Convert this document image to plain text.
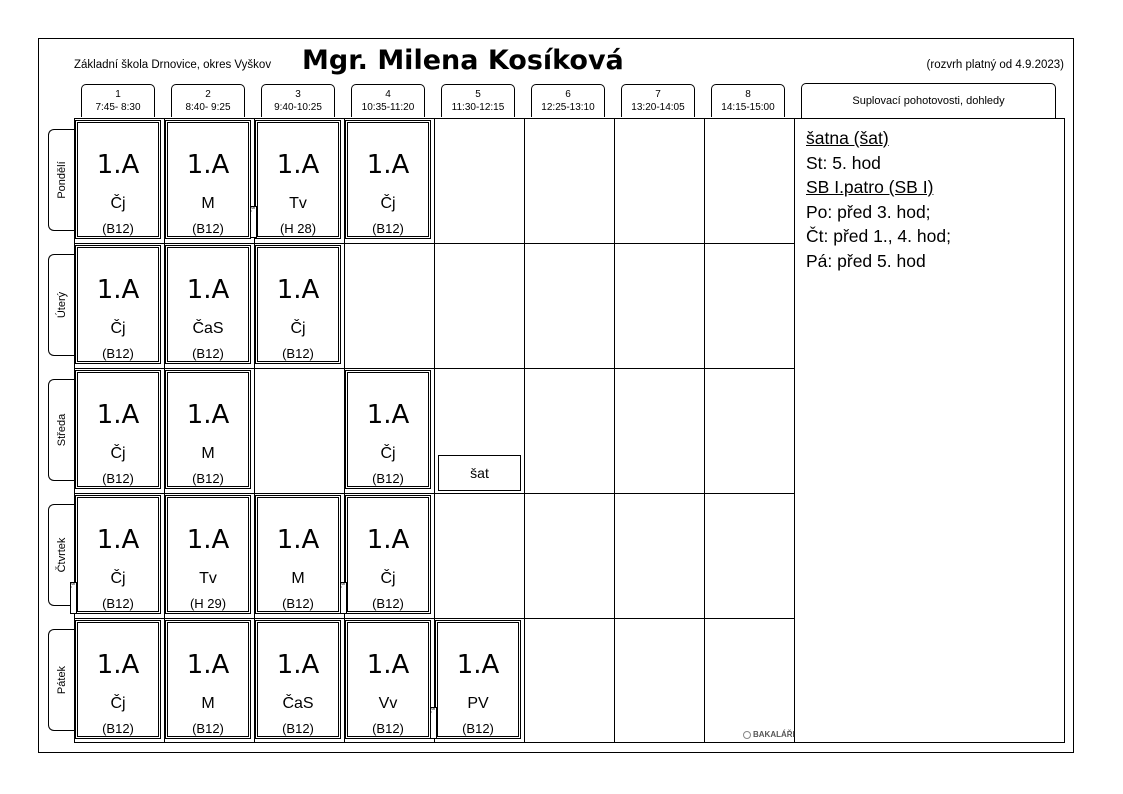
Základní škola Drnovice, okres Vyškov Mgr. Milena Kosíková	(rozvrh platný od 4.9.2023)
1
7:45- 8:30
2
8:40- 9:25
3
9:40-10:25
4
10:35-11:20
5
11:30-12:15
6
12:25-13:10
7
13:20-14:05
8
14:15-15:00
Suplovací pohotovosti, dohledy
Pondělí
Úterý
Středa
Čtvrtek
Pátek
1.A
Čj
(B12)
1.A
M
(B12)
1.A
Tv
(H 28)
1.A
Čj
(B12)
1.A
Čj
(B12)
1.A
ČaS
(B12)
1.A
Čj
(B12)
1.A
Čj
(B12)
1.A
M
(B12)
1.A
Čj
(B12)	šat
1.A
Čj
(B12)
1.A
Tv
(H 29)
1.A
M
(B12)
1.A
Čj
(B12)
1.A
Čj
(B12)
1.A
M
(B12)
1.A
ČaS
(B12)
1.A
Vv
(B12)
1.A
PV
(B12)
SB I
SB I
SB I
SB I
šatna (šat)
St: 5. hod
SB I.patro (SB I)
Po: před 3. hod;
Čt: před 1., 4. hod;
Pá: před 5. hod
BAKALÁŘI
